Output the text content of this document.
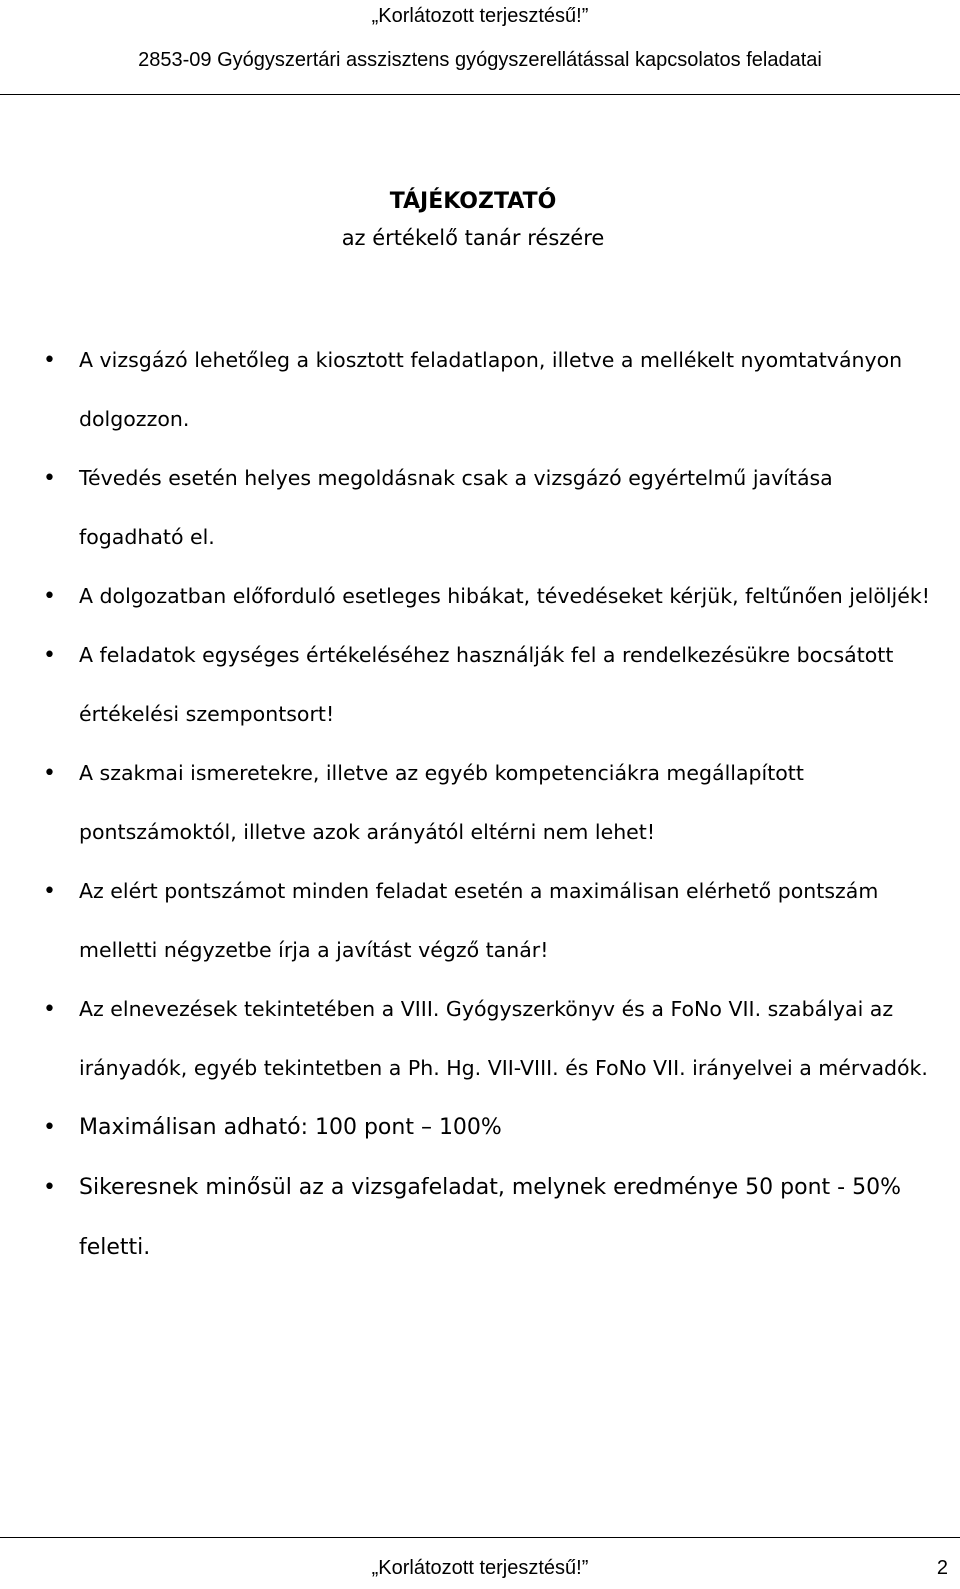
„Korlátozott terjesztésű!”
2853-09 Gyógyszertári asszisztens gyógyszerellátással kapcsolatos feladatai
TÁJÉKOZTATÓ
az értékelő tanár részére
• A vizsgázó lehetőleg a kiosztott feladatlapon, illetve a mellékelt nyomtatványon dolgozzon.
• Tévedés esetén helyes megoldásnak csak a vizsgázó egyértelmű javítása fogadható el.
• A dolgozatban előforduló esetleges hibákat, tévedéseket kérjük, feltűnően jelöljék!
• A feladatok egységes értékeléséhez használják fel a rendelkezésükre bocsátott értékelési szempontsort!
• A szakmai ismeretekre, illetve az egyéb kompetenciákra megállapított pontszámoktól, illetve azok arányától eltérni nem lehet!
• Az elért pontszámot minden feladat esetén a maximálisan elérhető pontszám melletti négyzetbe írja a javítást végző tanár!
• Az elnevezések tekintetében a VIII. Gyógyszerkönyv és a FoNo VII. szabályai az irányadók, egyéb tekintetben a Ph. Hg. VII-VIII. és FoNo VII. irányelvei a mérvadók.
• Maximálisan adható: 100 pont – 100%
• Sikeresnek minősül az a vizsgafeladat, melynek eredménye 50 pont - 50% feletti.
„Korlátozott terjesztésű!”	2
